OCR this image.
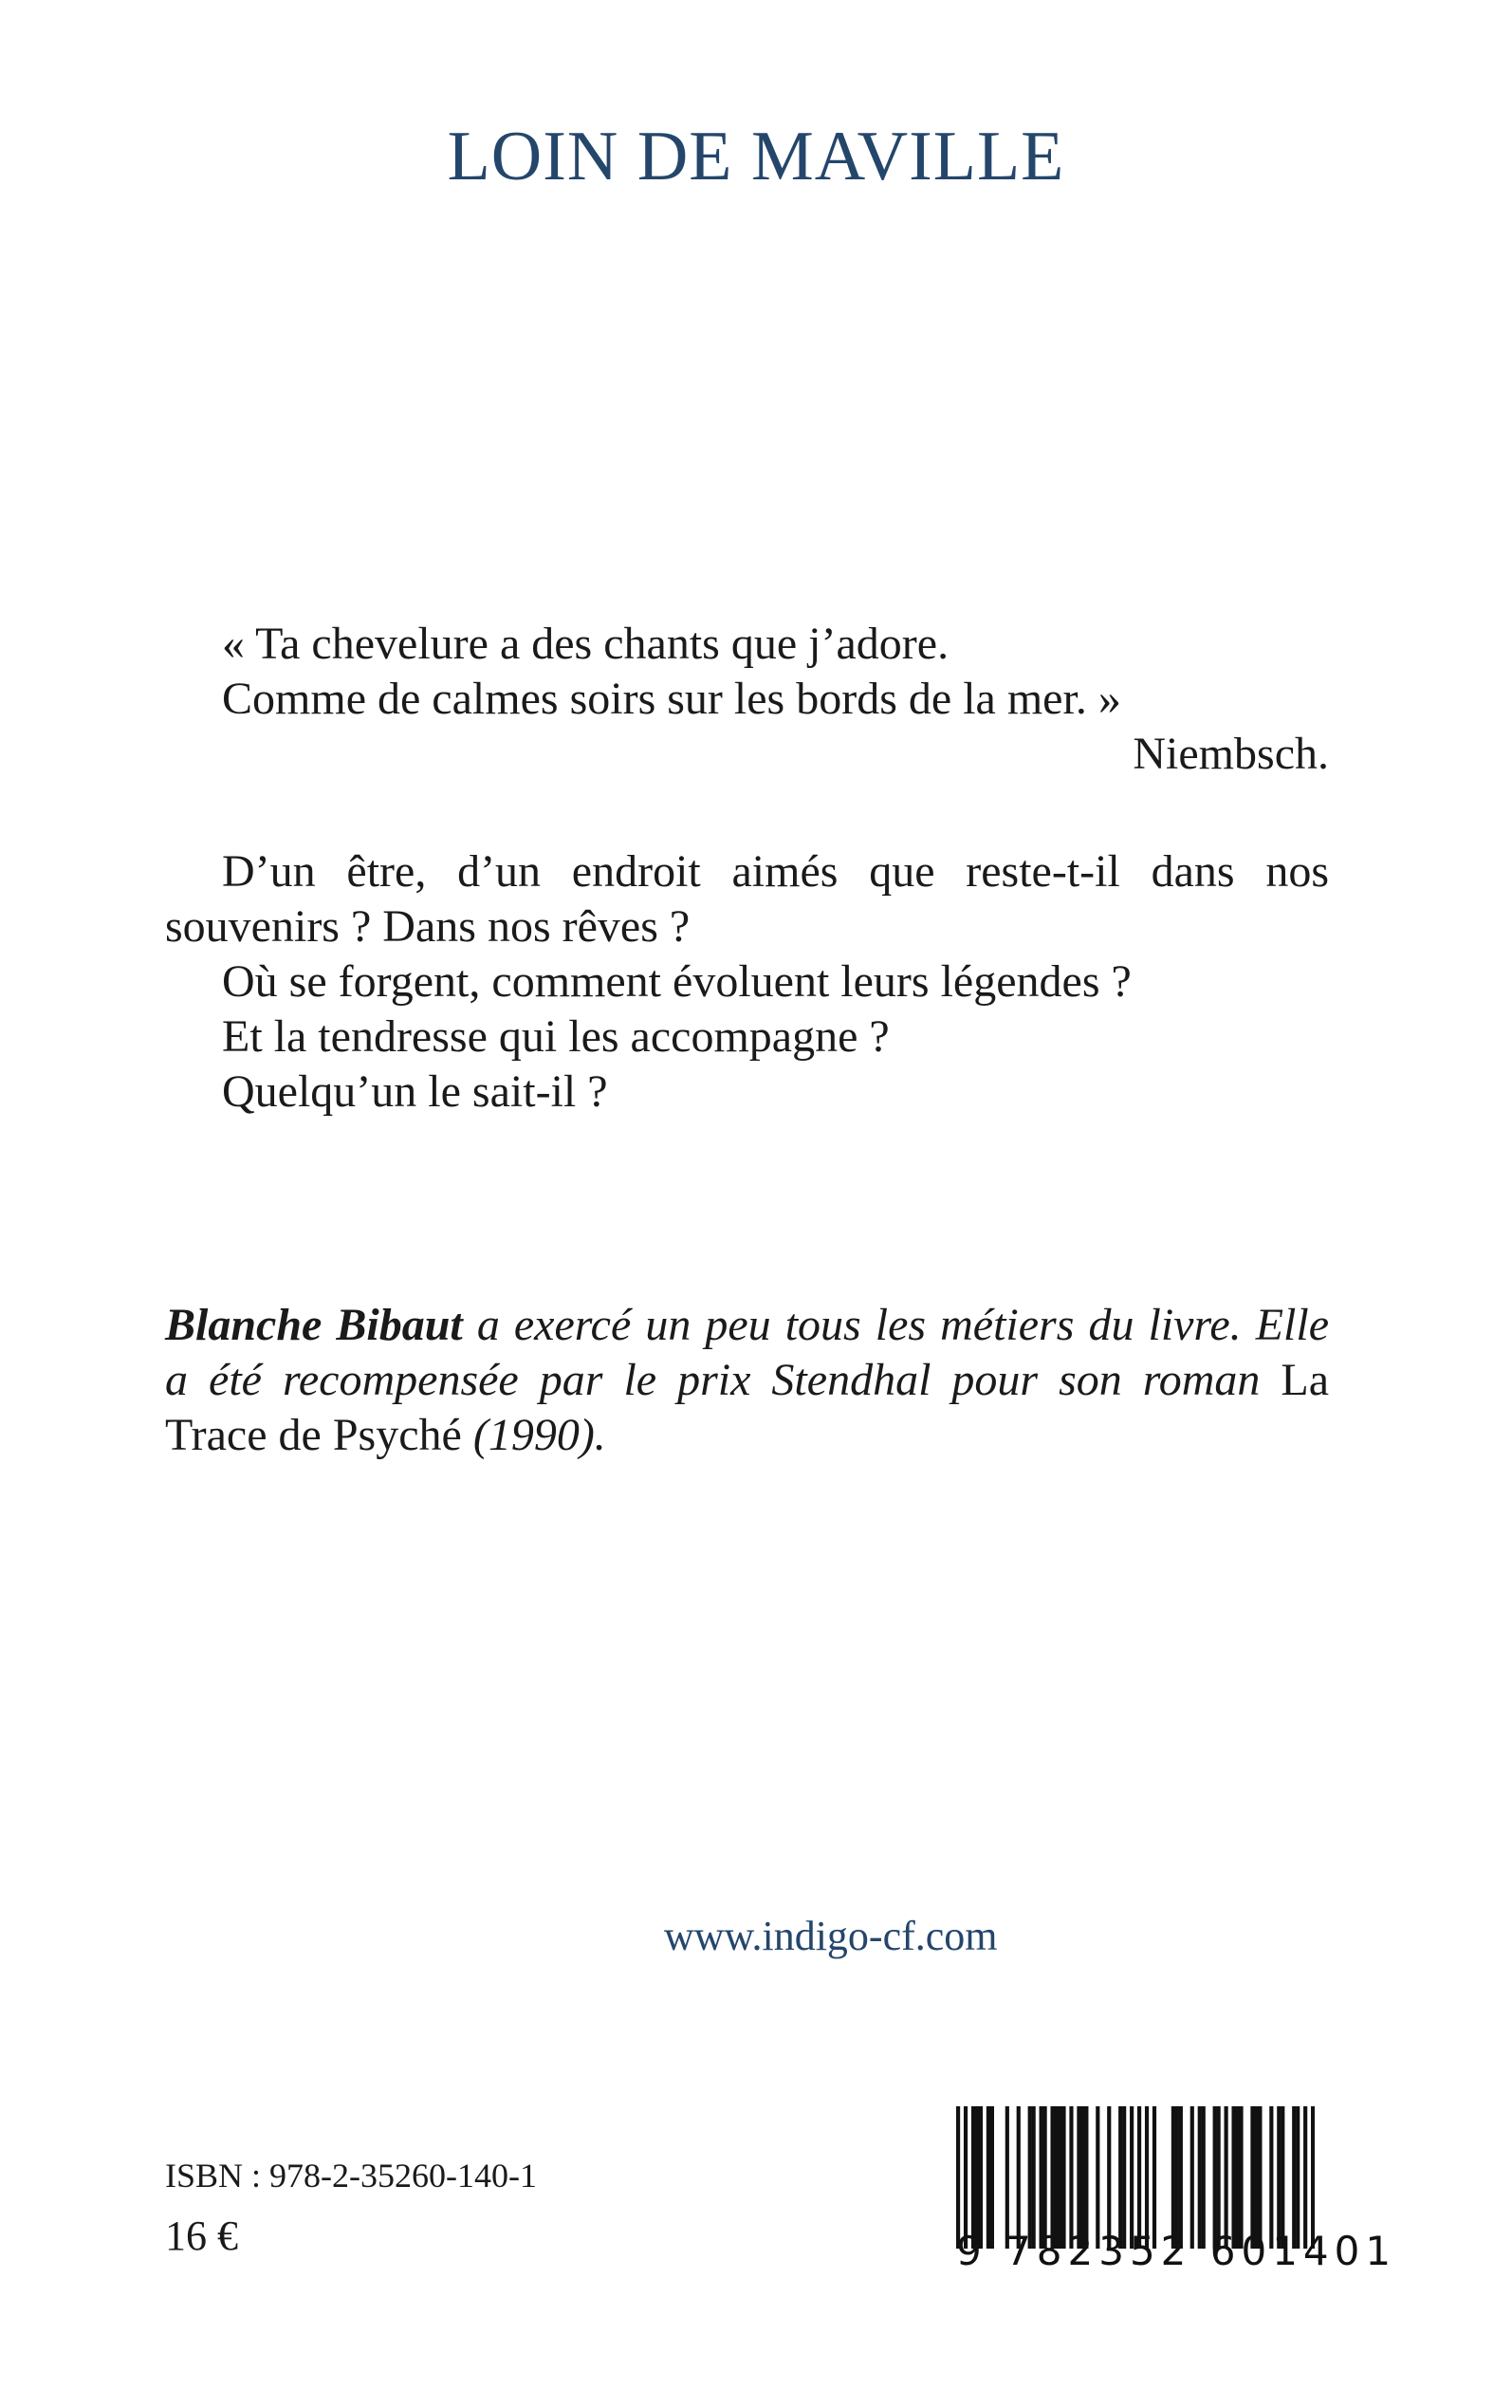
LOIN DE MAVILLE
« Ta chevelure a des chants que j’adore.
Comme de calmes soirs sur les bords de la mer. »
Niembsch.

D’un être, d’un endroit aimés que reste-t-il dans nos souvenirs ? Dans nos rêves ?

Où se forgent, comment évoluent leurs légendes ?

Et la tendresse qui les accompagne ?

Quelqu’un le sait-il ?

Blanche Bibaut a exercé un peu tous les métiers du livre. Elle a été recompensée par le prix Stendhal pour son roman La Trace de Psyché (1990).
www.indigo-cf.com
ISBN : 978-2-35260-140-1
16 €	9 782352 601401
